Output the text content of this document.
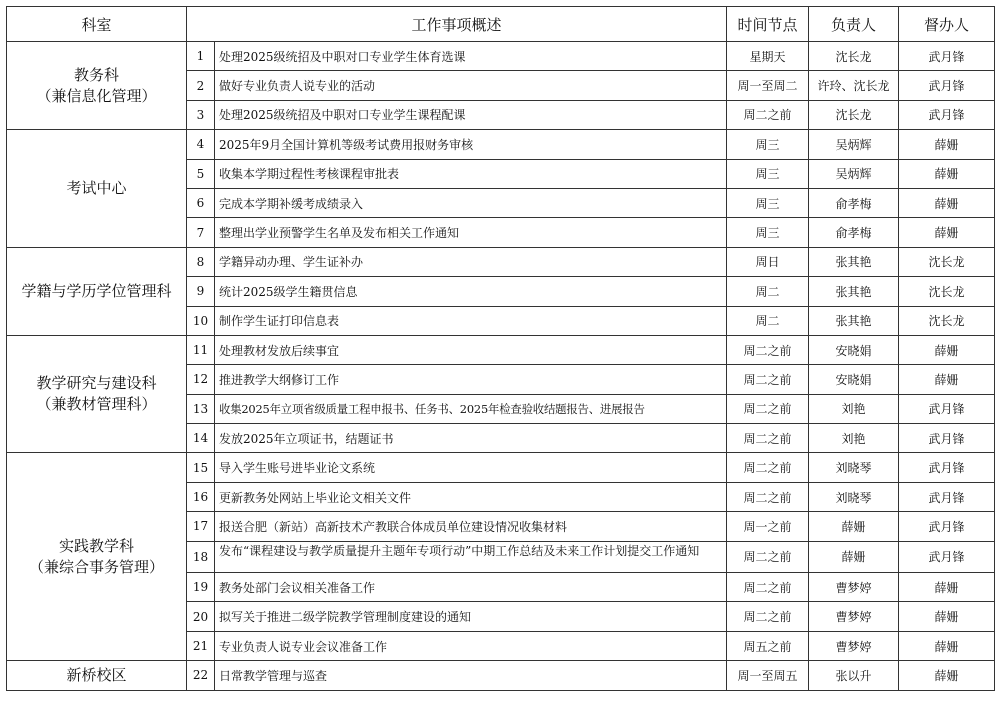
科室	工作事项概述		时间节点	负责人	督办人

教务科
（兼信息化管理）	1	处理2025级统招及中职对口专业学生体育选课	星期天	沈长龙	武月锋
	2	做好专业负责人说专业的活动	周一至周二	许玲、沈长龙	武月锋
	3	处理2025级统招及中职对口专业学生课程配课	周二之前	沈长龙	武月锋

考试中心	4	2025年9月全国计算机等级考试费用报财务审核	周三	吴炳辉	薛姗
	5	收集本学期过程性考核课程审批表	周三	吴炳辉	薛姗
	6	完成本学期补缓考成绩录入	周三	俞孝梅	薛姗
	7	整理出学业预警学生名单及发布相关工作通知	周三	俞孝梅	薛姗

学籍与学历学位管理科	8	学籍异动办理、学生证补办	周日	张其艳	沈长龙
	9	统计2025级学生籍贯信息	周二	张其艳	沈长龙
	10	制作学生证打印信息表	周二	张其艳	沈长龙

教学研究与建设科
（兼教材管理科）	11	处理教材发放后续事宜	周二之前	安晓娟	薛姗
	12	推进教学大纲修订工作	周二之前	安晓娟	薛姗
	13	收集2025年立项省级质量工程申报书、任务书、2025年检查验收结题报告、进展报告	周二之前	刘艳	武月锋
	14	发放2025年立项证书，结题证书	周二之前	刘艳	武月锋

实践教学科
（兼综合事务管理）	15	导入学生账号进毕业论文系统	周二之前	刘晓琴	武月锋
	16	更新教务处网站上毕业论文相关文件	周二之前	刘晓琴	武月锋
	17	报送合肥（新站）高新技术产教联合体成员单位建设情况收集材料	周一之前	薛姗	武月锋
	18	发布“课程建设与教学质量提升主题年专项行动”中期工作总结及未来工作计划提交工作通知	周二之前	薛姗	武月锋
	19	教务处部门会议相关准备工作	周二之前	曹梦婷	薛姗
	20	拟写关于推进二级学院教学管理制度建设的通知	周二之前	曹梦婷	薛姗
	21	专业负责人说专业会议准备工作	周五之前	曹梦婷	薛姗

新桥校区	22	日常教学管理与巡查	周一至周五	张以升	薛姗
